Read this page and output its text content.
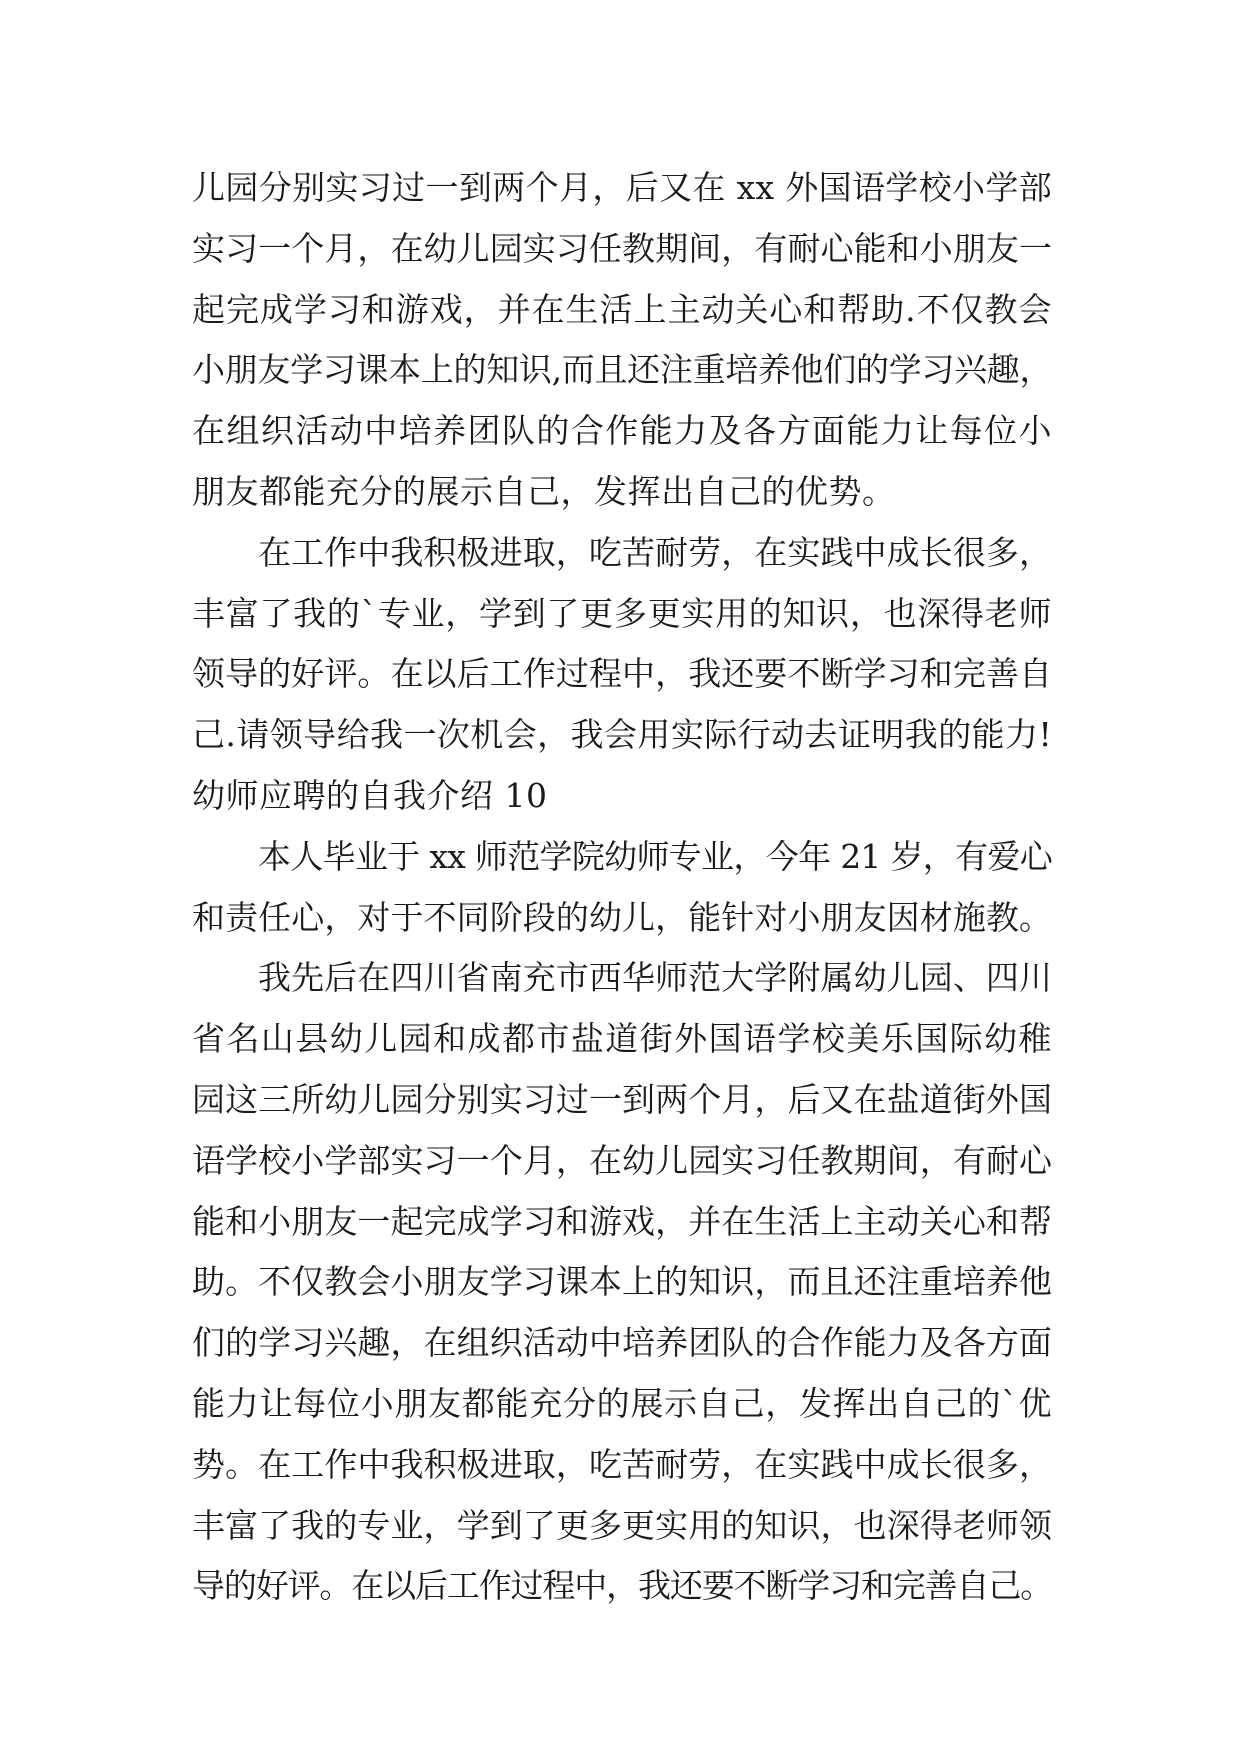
儿园分别实习过一到两个月，后又在 xx 外国语学校小学部
实习一个月，在幼儿园实习任教期间，有耐心能和小朋友一
起完成学习和游戏，并在生活上主动关心和帮助.不仅教会
小朋友学习课本上的知识,而且还注重培养他们的学习兴趣，
在组织活动中培养团队的合作能力及各方面能力让每位小
朋友都能充分的展示自己，发挥出自己的优势。
在工作中我积极进取，吃苦耐劳，在实践中成长很多，
丰富了我的`专业，学到了更多更实用的知识，也深得老师
领导的好评。在以后工作过程中，我还要不断学习和完善自
己.请领导给我一次机会，我会用实际行动去证明我的能力!
幼师应聘的自我介绍 10
本人毕业于 xx 师范学院幼师专业，今年 21 岁，有爱心
和责任心，对于不同阶段的幼儿，能针对小朋友因材施教。
我先后在四川省南充市西华师范大学附属幼儿园、四川
省名山县幼儿园和成都市盐道街外国语学校美乐国际幼稚
园这三所幼儿园分别实习过一到两个月，后又在盐道街外国
语学校小学部实习一个月，在幼儿园实习任教期间，有耐心
能和小朋友一起完成学习和游戏，并在生活上主动关心和帮
助。不仅教会小朋友学习课本上的知识，而且还注重培养他
们的学习兴趣，在组织活动中培养团队的合作能力及各方面
能力让每位小朋友都能充分的展示自己，发挥出自己的`优
势。在工作中我积极进取，吃苦耐劳，在实践中成长很多，
丰富了我的专业，学到了更多更实用的知识，也深得老师领
导的好评。在以后工作过程中，我还要不断学习和完善自己。
